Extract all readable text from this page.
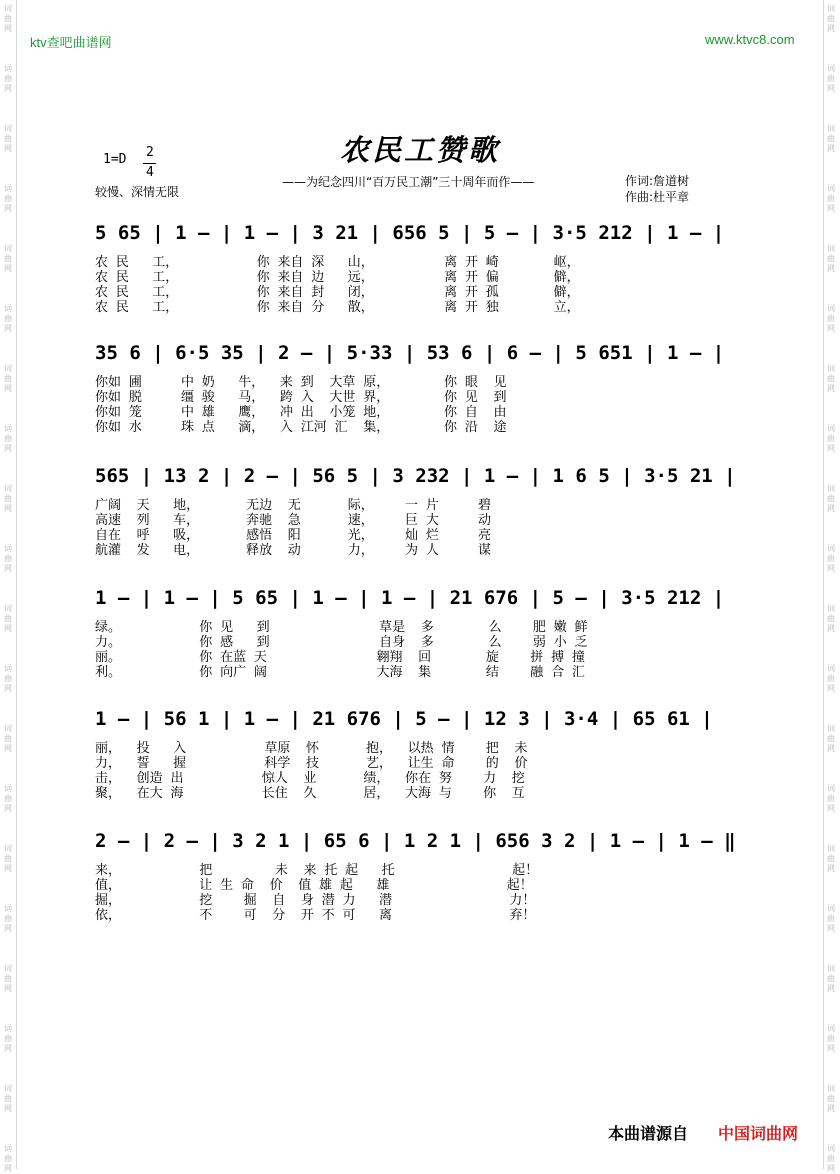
词
曲
网
词
曲
网
词
曲
网
词
曲
网
词
曲
网
词
曲
网
词
曲
网
词
曲
网
词
曲
网
词
曲
网
词
曲
网
词
曲
网
词
曲
网
词
曲
网
词
曲
网
词
曲
网
词
曲
网
词
曲
网
词
曲
网
词
曲
网
词
曲
网
词
曲
网
词
曲
网
词
曲
网
词
曲
网
词
曲
网
词
曲
网
词
曲
网
词
曲
网
词
曲
网
词
曲
网
词
曲
网
词
曲
网
词
曲
网
词
曲
网
词
曲
网
词
曲
网
词
曲
网
词
曲
网
词
曲
网
ktv查吧曲谱网	www.ktvc8.com
农民工赞歌
——为纪念四川“百万民工潮”三十周年而作——
1=D 2
4
较慢、深情无限
作词:詹道树
作曲:杜平章
5 65 | 1 – | 1 – | 3 21 | 656 5 | 5 – | 3·5 212 | 1 – |
农 民   工，          你 来自 深   山，         离 开 崎       岖，
农 民   工，          你 来自 边   远，         离 开 偏       僻，
农 民   工，          你 来自 封   闭，         离 开 孤       僻，
农 民   工，          你 来自 分   散，         离 开 独       立，
35 6 | 6·5 35 | 2 – | 5·33 | 53 6 | 6 – | 5 651 | 1 – |
你如 圃     中 奶   牛，  来 到  大草 原，       你 眼  见
你如 脱     缰 骏   马，  跨 入  大世 界，       你 见  到
你如 笼     中 雄   鹰，  冲 出  小笼 地，       你 自  由
你如 水     珠 点   滴，  入 江河 汇  集，       你 沿  途
565 | 13 2 | 2 – | 56 5 | 3 232 | 1 – | 1 6 5 | 3·5 21 |
广阔  天   地，      无边  无      际，    一 片     碧
高速  列   车，      奔驰  急      速，    巨 大     动
自在  呼   吸，      感悟  阳      光，    灿 烂     亮
航灌  发   电，      释放  动      力，    为 人     谋
1 – | 1 – | 5 65 | 1 – | 1 – | 21 676 | 5 – | 3·5 212 |
绿。          你 见   到              草是  多       么    肥 嫩 鲜
力。          你 感   到              自身  多       么    弱 小 乏
丽。          你 在蓝 天              翱翔  回       旋    拼 搏 撞
利。          你 向广 阔              大海  集       结    融 合 汇
1 – | 56 1 | 1 – | 21 676 | 5 – | 12 3 | 3·4 | 65 61 |
丽，  投   入          草原  怀      抱，  以热 情    把  未
力，  誓   握          科学  技      艺，  让生 命    的  价
击，  创造 出          惊人  业      绩，  你在 努    力  挖
聚，  在大 海          长住  久      居，  大海 与    你  互
2 – | 2 – | 3 2 1 | 65 6 | 1 2 1 | 656 3 2 | 1 – | 1 – ‖
来，          把        未  来 托 起   托               起！
值，          让 生 命  价  值 雄 起   雄               起！
掘，          挖    掘  自  身 潜 力   潜               力！
依，          不    可  分  开 不 可   离               弃！
本曲谱源自 中国词曲网
